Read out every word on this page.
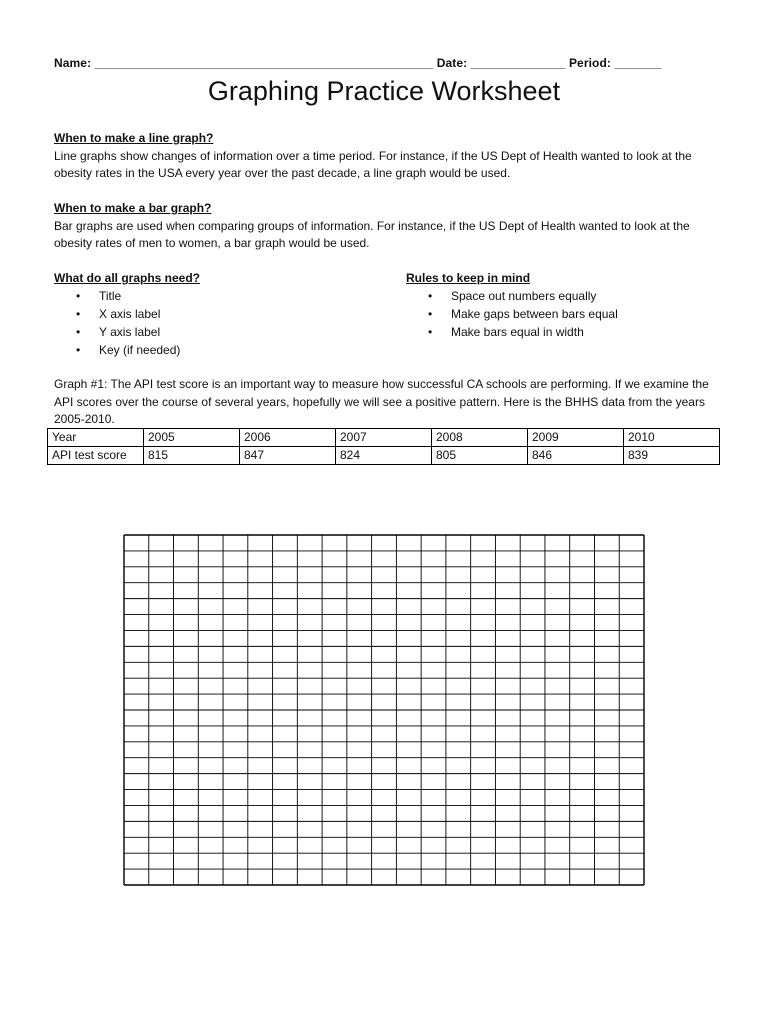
Name: __________________________________________________ Date: ______________ Period: _______
Graphing Practice Worksheet
When to make a line graph?
Line graphs show changes of information over a time period. For instance, if the US Dept of Health wanted to look at the obesity rates in the USA every year over the past decade, a line graph would be used.
When to make a bar graph?
Bar graphs are used when comparing groups of information. For instance, if the US Dept of Health wanted to look at the obesity rates of men to women, a bar graph would be used.
What do all graphs need?
• Title
• X axis label
• Y axis label
• Key (if needed)
Rules to keep in mind
• Space out numbers equally
• Make gaps between bars equal
• Make bars equal in width
Graph #1: The API test score is an important way to measure how successful CA schools are performing. If we examine the API scores over the course of several years, hopefully we will see a positive pattern. Here is the BHHS data from the years 2005-2010.
Year	2005	2006	2007	2008	2009	2010
API test score	815	847	824	805	846	839
